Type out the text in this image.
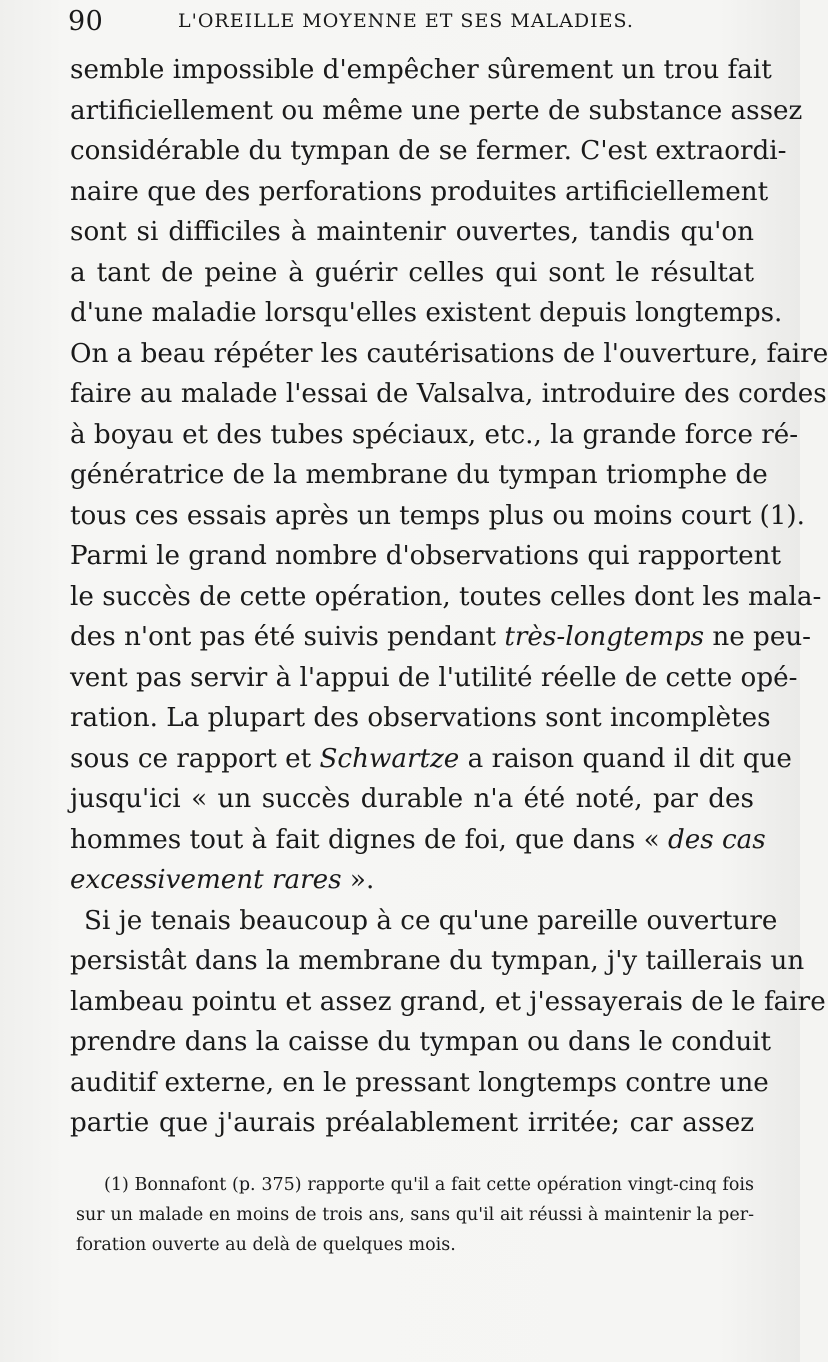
90	L'OREILLE MOYENNE ET SES MALADIES.
semble impossible d'empêcher sûrement un trou fait
artificiellement ou même une perte de substance assez
considérable du tympan de se fermer. C'est extraordi-
naire que des perforations produites artificiellement
sont si difficiles à maintenir ouvertes, tandis qu'on
a tant de peine à guérir celles qui sont le résultat
d'une maladie lorsqu'elles existent depuis longtemps.
On a beau répéter les cautérisations de l'ouverture, faire
faire au malade l'essai de Valsalva, introduire des cordes
à boyau et des tubes spéciaux, etc., la grande force ré-
génératrice de la membrane du tympan triomphe de
tous ces essais après un temps plus ou moins court (1).
Parmi le grand nombre d'observations qui rapportent
le succès de cette opération, toutes celles dont les mala-
des n'ont pas été suivis pendant très-longtemps ne peu-
vent pas servir à l'appui de l'utilité réelle de cette opé-
ration. La plupart des observations sont incomplètes
sous ce rapport et Schwartze a raison quand il dit que
jusqu'ici « un succès durable n'a été noté, par des
hommes tout à fait dignes de foi, que dans « des cas
excessivement rares ».
Si je tenais beaucoup à ce qu'une pareille ouverture
persistât dans la membrane du tympan, j'y taillerais un
lambeau pointu et assez grand, et j'essayerais de le faire
prendre dans la caisse du tympan ou dans le conduit
auditif externe, en le pressant longtemps contre une
partie que j'aurais préalablement irritée; car assez
(1) Bonnafont (p. 375) rapporte qu'il a fait cette opération vingt-cinq fois
sur un malade en moins de trois ans, sans qu'il ait réussi à maintenir la per-
foration ouverte au delà de quelques mois.
